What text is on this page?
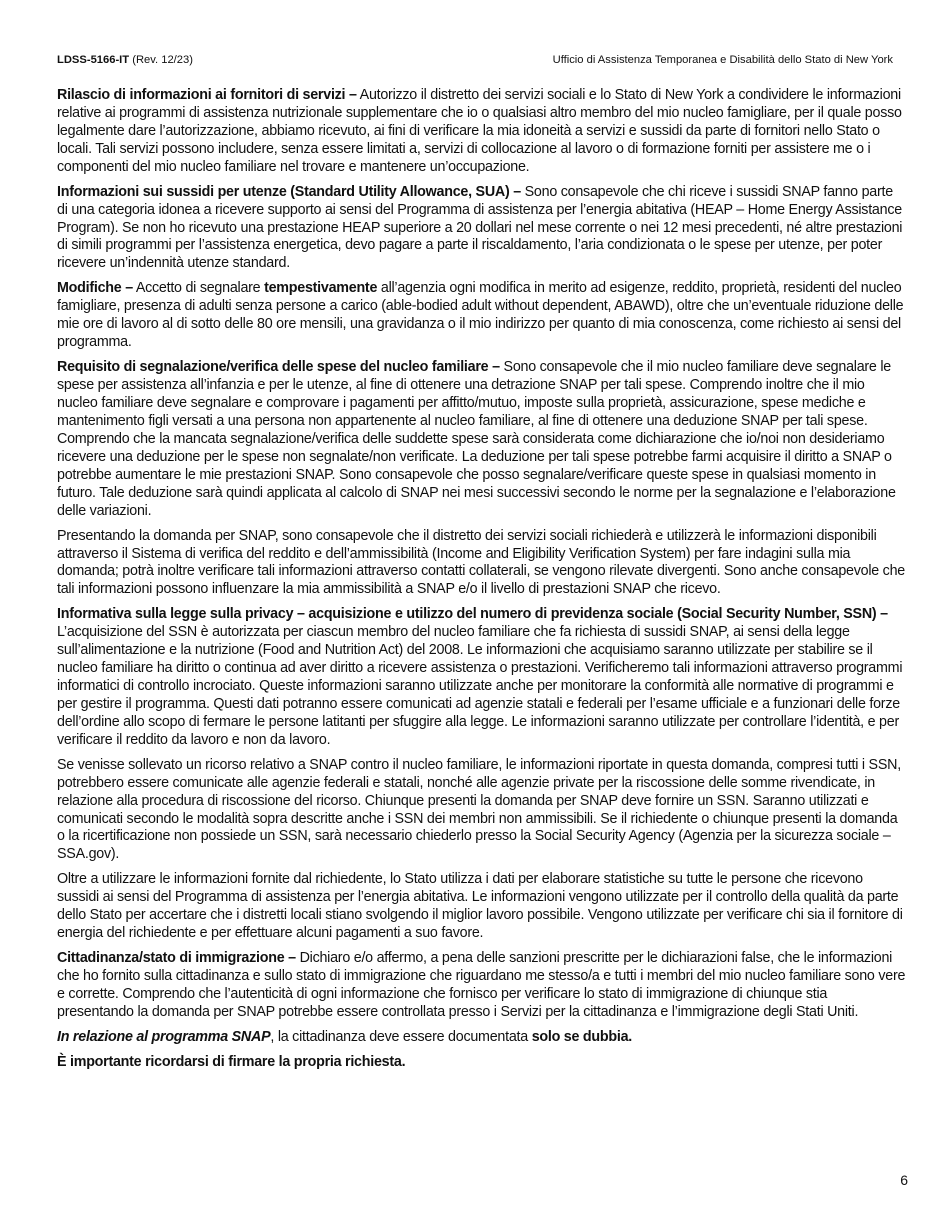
LDSS-5166-IT (Rev. 12/23)	Ufficio di Assistenza Temporanea e Disabilità dello Stato di New York

Rilascio di informazioni ai fornitori di servizi – Autorizzo il distretto dei servizi sociali e lo Stato di New York a condividere le informazioni relative ai programmi di assistenza nutrizionale supplementare che io o qualsiasi altro membro del mio nucleo famigliare, per il quale posso legalmente dare l’autorizzazione, abbiamo ricevuto, ai fini di verificare la mia idoneità a servizi e sussidi da parte di fornitori nello Stato o locali. Tali servizi possono includere, senza essere limitati a, servizi di collocazione al lavoro o di formazione forniti per assistere me o i componenti del mio nucleo familiare nel trovare e mantenere un’occupazione.

Informazioni sui sussidi per utenze (Standard Utility Allowance, SUA) – Sono consapevole che chi riceve i sussidi SNAP fanno parte di una categoria idonea a ricevere supporto ai sensi del Programma di assistenza per l’energia abitativa (HEAP – Home Energy Assistance Program). Se non ho ricevuto una prestazione HEAP superiore a 20 dollari nel mese corrente o nei 12 mesi precedenti, né altre prestazioni di simili programmi per l’assistenza energetica, devo pagare a parte il riscaldamento, l’aria condizionata o le spese per utenze, per poter ricevere un’indennità utenze standard.

Modifiche – Accetto di segnalare tempestivamente all’agenzia ogni modifica in merito ad esigenze, reddito, proprietà, residenti del nucleo famigliare, presenza di adulti senza persone a carico (able-bodied adult without dependent, ABAWD), oltre che un’eventuale riduzione delle mie ore di lavoro al di sotto delle 80 ore mensili, una gravidanza o il mio indirizzo per quanto di mia conoscenza, come richiesto ai sensi del programma.

Requisito di segnalazione/verifica delle spese del nucleo familiare – Sono consapevole che il mio nucleo familiare deve segnalare le spese per assistenza all’infanzia e per le utenze, al fine di ottenere una detrazione SNAP per tali spese. Comprendo inoltre che il mio nucleo familiare deve segnalare e comprovare i pagamenti per affitto/mutuo, imposte sulla proprietà, assicurazione, spese mediche e mantenimento figli versati a una persona non appartenente al nucleo familiare, al fine di ottenere una deduzione SNAP per tali spese. Comprendo che la mancata segnalazione/verifica delle suddette spese sarà considerata come dichiarazione che io/noi non desideriamo ricevere una deduzione per le spese non segnalate/non verificate. La deduzione per tali spese potrebbe farmi acquisire il diritto a SNAP o potrebbe aumentare le mie prestazioni SNAP. Sono consapevole che posso segnalare/verificare queste spese in qualsiasi momento in futuro. Tale deduzione sarà quindi applicata al calcolo di SNAP nei mesi successivi secondo le norme per la segnalazione e l’elaborazione delle variazioni.

Presentando la domanda per SNAP, sono consapevole che il distretto dei servizi sociali richiederà e utilizzerà le informazioni disponibili attraverso il Sistema di verifica del reddito e dell’ammissibilità (Income and Eligibility Verification System) per fare indagini sulla mia domanda; potrà inoltre verificare tali informazioni attraverso contatti collaterali, se vengono rilevate divergenti. Sono anche consapevole che tali informazioni possono influenzare la mia ammissibilità a SNAP e/o il livello di prestazioni SNAP che ricevo.

Informativa sulla legge sulla privacy – acquisizione e utilizzo del numero di previdenza sociale (Social Security Number, SSN) – L’acquisizione del SSN è autorizzata per ciascun membro del nucleo familiare che fa richiesta di sussidi SNAP, ai sensi della legge sull’alimentazione e la nutrizione (Food and Nutrition Act) del 2008. Le informazioni che acquisiamo saranno utilizzate per stabilire se il nucleo familiare ha diritto o continua ad aver diritto a ricevere assistenza o prestazioni. Verificheremo tali informazioni attraverso programmi informatici di controllo incrociato. Queste informazioni saranno utilizzate anche per monitorare la conformità alle normative di programmi e per gestire il programma. Questi dati potranno essere comunicati ad agenzie statali e federali per l’esame ufficiale e a funzionari delle forze dell’ordine allo scopo di fermare le persone latitanti per sfuggire alla legge. Le informazioni saranno utilizzate per controllare l’identità, e per verificare il reddito da lavoro e non da lavoro.

Se venisse sollevato un ricorso relativo a SNAP contro il nucleo familiare, le informazioni riportate in questa domanda, compresi tutti i SSN, potrebbero essere comunicate alle agenzie federali e statali, nonché alle agenzie private per la riscossione delle somme rivendicate, in relazione alla procedura di riscossione del ricorso. Chiunque presenti la domanda per SNAP deve fornire un SSN. Saranno utilizzati e comunicati secondo le modalità sopra descritte anche i SSN dei membri non ammissibili. Se il richiedente o chiunque presenti la domanda o la ricertificazione non possiede un SSN, sarà necessario chiederlo presso la Social Security Agency (Agenzia per la sicurezza sociale – SSA.gov).

Oltre a utilizzare le informazioni fornite dal richiedente, lo Stato utilizza i dati per elaborare statistiche su tutte le persone che ricevono sussidi ai sensi del Programma di assistenza per l’energia abitativa. Le informazioni vengono utilizzate per il controllo della qualità da parte dello Stato per accertare che i distretti locali stiano svolgendo il miglior lavoro possibile. Vengono utilizzate per verificare chi sia il fornitore di energia del richiedente e per effettuare alcuni pagamenti a suo favore.

Cittadinanza/stato di immigrazione – Dichiaro e/o affermo, a pena delle sanzioni prescritte per le dichiarazioni false, che le informazioni che ho fornito sulla cittadinanza e sullo stato di immigrazione che riguardano me stesso/a e tutti i membri del mio nucleo familiare sono vere e corrette. Comprendo che l’autenticità di ogni informazione che fornisco per verificare lo stato di immigrazione di chiunque stia presentando la domanda per SNAP potrebbe essere controllata presso i Servizi per la cittadinanza e l’immigrazione degli Stati Uniti.

In relazione al programma SNAP, la cittadinanza deve essere documentata solo se dubbia.

È importante ricordarsi di firmare la propria richiesta.

6
